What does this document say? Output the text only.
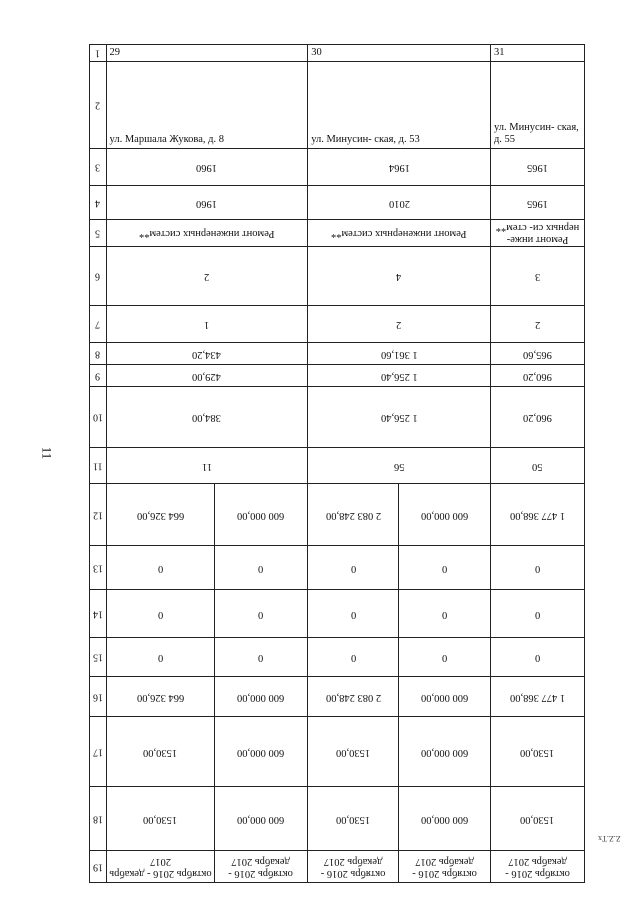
11
1	29		30		31
2	ул. Маршала Жукова, д. 8		ул. Минусин- ская, д. 53		ул. Минусин- ская, д. 55
3	1960		1964		1965
4	1960		2010		1965
5	Ремонт инженерных систем**		Ремонт инженерных систем**		Ремонт инже- нерных си- стем**
6	2		4		3
7	1		2		2
8	434,20		1 361,60		965,60
9	429,00		1 256,40		960,20
10	384,00		1 256,40		960,20
11	11		56		50
12	664 326,00	600 000,00	2 083 248,00	600 000,00	1 477 368,00
13	0	0	0	0	0
14	0	0	0	0	0
15	0	0	0	0	0
16	664 326,00	600 000,00	2 083 248,00	600 000,00	1 477 368,00
17	1530,00	600 000,00	1530,00	600 000,00	1530,00
18	1530,00	600 000,00	1530,00	600 000,00	1530,00
19	октябрь 2016 - декабрь 2017	октябрь 2016 - декабрь 2017	октябрь 2016 - декабрь 2017	октябрь 2016 - декабрь 2017	октябрь 2016 - декабрь 2017
Z.Z.Tx
